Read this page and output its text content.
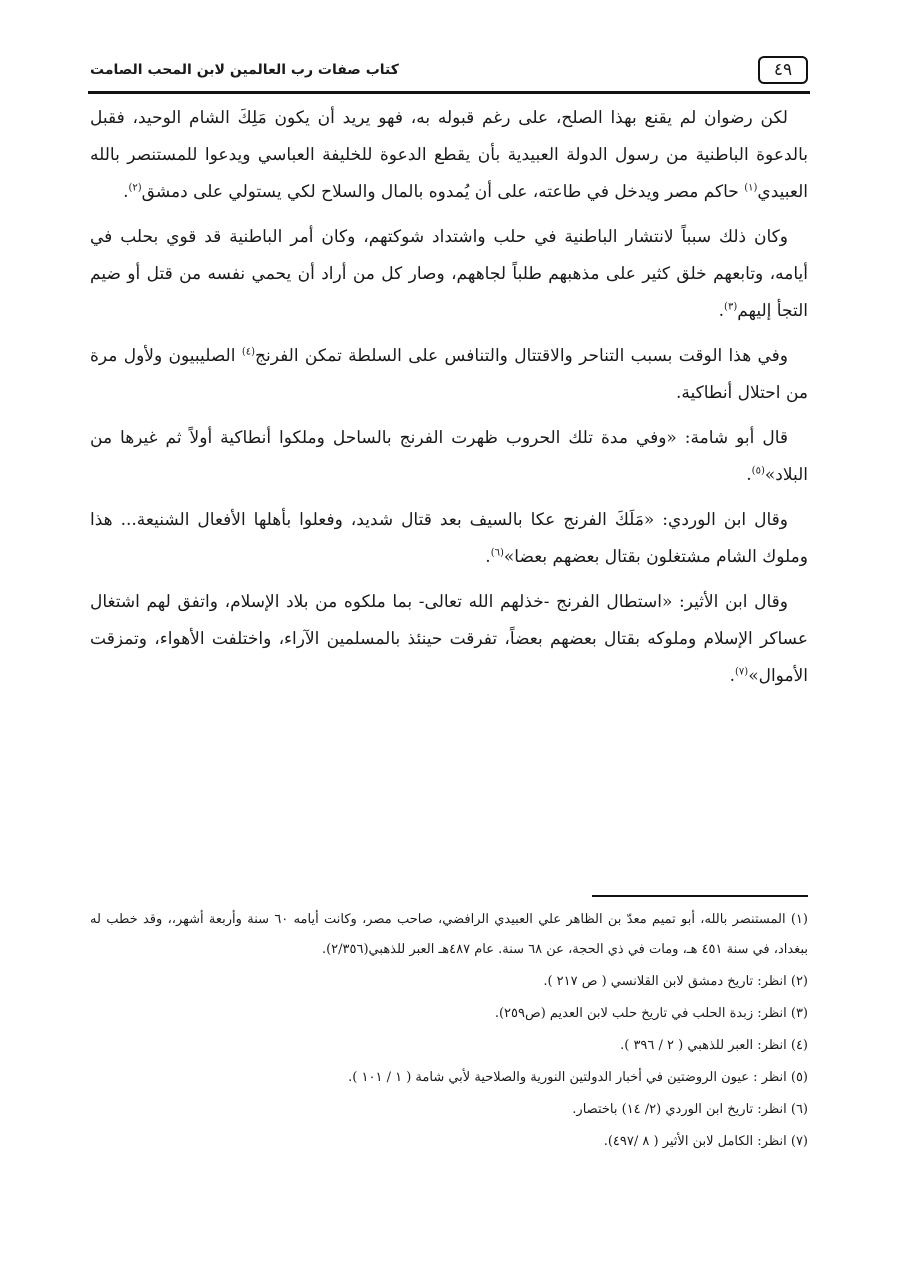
٤٩
كتاب صفات رب العالمين لابن المحب الصامت

لكن رضوان لم يقنع بهذا الصلح، على رغم قبوله به، فهو يريد أن يكون مَلِكَ الشام الوحيد، فقبل بالدعوة الباطنية من رسول الدولة العبيدية بأن يقطع الدعوة للخليفة العباسي ويدعوا للمستنصر بالله العبيدي$^{(١)}$ حاكم مصر ويدخل في طاعته، على أن يُمدوه بالمال والسلاح لكي يستولي على دمشق$^{(٢)}$.

وكان ذلك سبباً لانتشار الباطنية في حلب واشتداد شوكتهم، وكان أمر الباطنية قد قوي بحلب في أيامه، وتابعهم خلق كثير على مذهبهم طلباً لجاههم، وصار كل من أراد أن يحمي نفسه من قتل أو ضيم التجأ إليهم$^{(٣)}$.

وفي هذا الوقت بسبب التناحر والاقتتال والتنافس على السلطة تمكن الفرنج$^{(٤)}$ الصليبيون ولأول مرة من احتلال أنطاكية.

قال أبو شامة: «وفي مدة تلك الحروب ظهرت الفرنج بالساحل وملكوا أنطاكية أولاً ثم غيرها من البلاد»$^{(٥)}$.

وقال ابن الوردي: «مَلَكَ الفرنج عكا بالسيف بعد قتال شديد، وفعلوا بأهلها الأفعال الشنيعة... هذا وملوك الشام مشتغلون بقتال بعضهم بعضا»$^{(٦)}$.

وقال ابن الأثير: «استطال الفرنج -خذلهم الله تعالى- بما ملكوه من بلاد الإسلام، واتفق لهم اشتغال عساكر الإسلام وملوكه بقتال بعضهم بعضاً، تفرقت حينئذ بالمسلمين الآراء، واختلفت الأهواء، وتمزقت الأموال»$^{(٧)}$.

(١) المستنصر بالله، أبو تميم معدّ بن الظاهر علي العبيدي الرافضي، صاحب مصر، وكانت أيامه ٦٠ سنة وأربعة أشهر،، وقد خطب له ببغداد، في سنة ٤٥١ هـ، ومات في ذي الحجة، عن ٦٨ سنة. عام ٤٨٧هـ العبر للذهبي(٢/٣٥٦).
(٢) انظر: تاريخ دمشق لابن القلانسي ( ص ٢١٧ ).
(٣) انظر: زبدة الحلب في تاريخ حلب لابن العديم (ص٢٥٩).
(٤) انظر: العبر للذهبي ( ٢ / ٣٩٦ ).
(٥) انظر : عيون الروضتين في أخبار الدولتين النورية والصلاحية لأبي شامة ( ١ / ١٠١ ).
(٦) انظر: تاريخ ابن الوردي (٢/ ١٤) باختصار.
(٧) انظر: الكامل لابن الأثير ( ٨ /٤٩٧).
